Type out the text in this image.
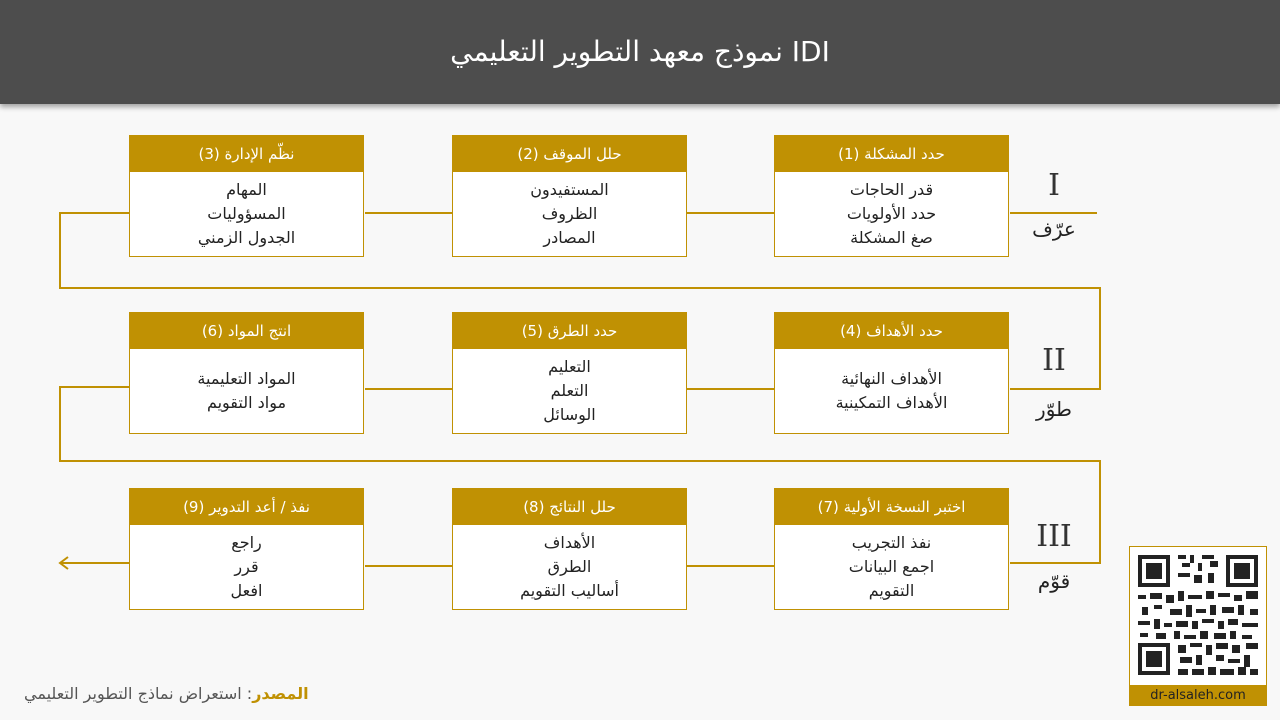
نموذج معهد التطوير التعليمي IDI
(1) حدد المشكلة
قدر الحاجات
حدد الأولويات
صغ المشكلة
(2) حلل الموقف
المستفيدون
الظروف
المصادر
(3) نظّم الإدارة
المهام
المسؤوليات
الجدول الزمني
(4) حدد الأهداف
الأهداف النهائية
الأهداف التمكينية
(5) حدد الطرق
التعليم
التعلم
الوسائل
(6) انتج المواد
المواد التعليمية
مواد التقويم
(7) اختبر النسخة الأولية
نفذ التجريب
اجمع البيانات
التقويم
(8) حلل النتائج
الأهداف
الطرق
أساليب التقويم
(9) نفذ / أعد التدوير
راجع
قرر
افعل
I
عرّف
II
طوّر
III
قوّم
المصدر: استعراض نماذج التطوير التعليمي	dr-alsaleh.com
